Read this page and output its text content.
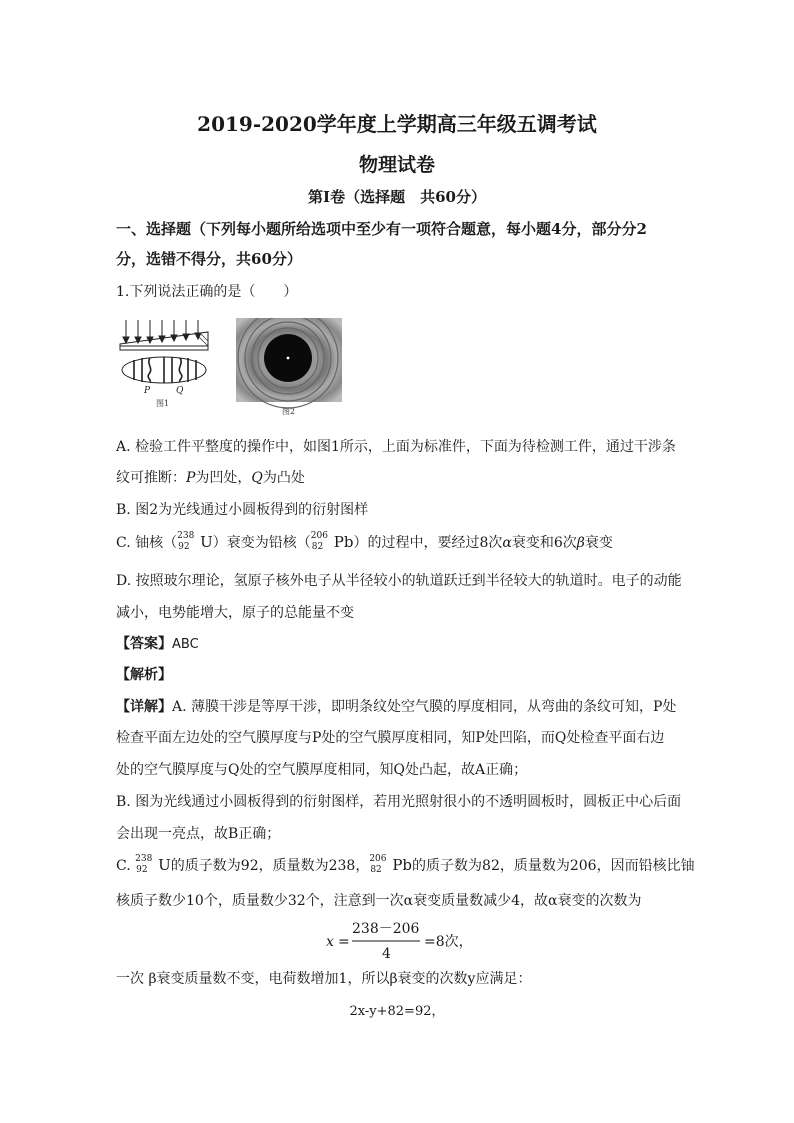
2019-2020学年度上学期高三年级五调考试
物理试卷
第Ⅰ卷（选择题　共60分）
一、选择题（下列每小题所给选项中至少有一项符合题意，每小题4分，部分分2
分，选错不得分，共60分）
1.下列说法正确的是（　　）
P	Q
图1
图2
A. 检验工件平整度的操作中，如图1所示，上面为标准件，下面为待检测工件，通过干涉条
纹可推断：P为凹处，Q为凸处
B. 图2为光线通过小圆板得到的衍射图样
C. 铀核（ 238
92 U）衰变为铅核（ 206
82 Pb）的过程中，要经过8次α衰变和6次β衰变
D. 按照玻尔理论，氢原子核外电子从半径较小的轨道跃迁到半径较大的轨道时。电子的动能
减小，电势能增大，原子的总能量不变
【答案】ABC
【解析】
【详解】A. 薄膜干涉是等厚干涉，即明条纹处空气膜的厚度相同，从弯曲的条纹可知，P处
检查平面左边处的空气膜厚度与P处的空气膜厚度相同，知P处凹陷，而Q处检查平面右边
处的空气膜厚度与Q处的空气膜厚度相同，知Q处凸起，故A正确；
B. 图为光线通过小圆板得到的衍射图样，若用光照射很小的不透明圆板时，圆板正中心后面
会出现一亮点，故B正确；
C. 238
92 U的质子数为92，质量数为238， 206
82 Pb的质子数为82，质量数为206，因而铅核比铀
核质子数少10个，质量数少32个，注意到一次α衰变质量数减少4，故α衰变的次数为
x =
238－206
4
=8次，
一次 β衰变质量数不变，电荷数增加1，所以β衰变的次数y应满足：
2x-y+82=92，
